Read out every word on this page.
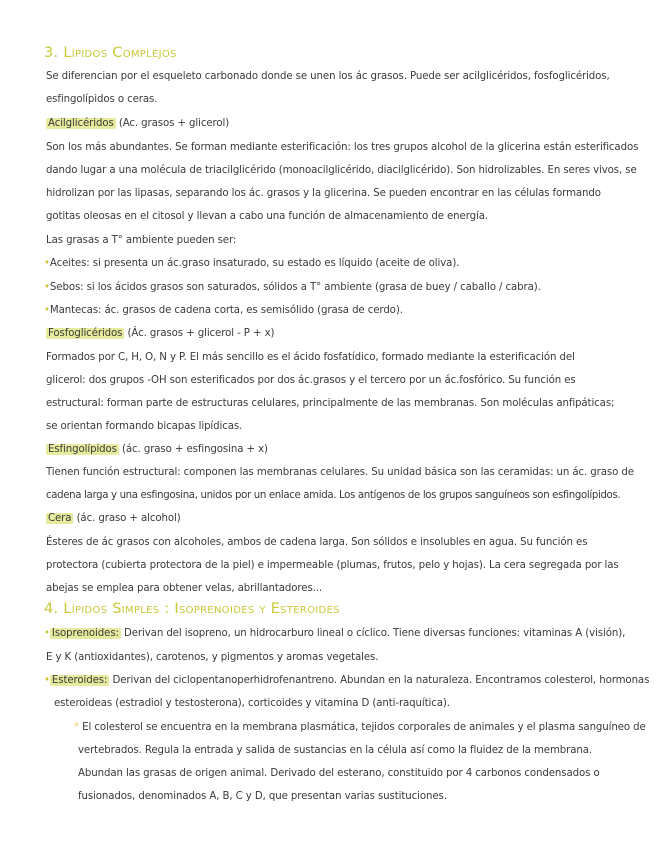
3. Lípidos Complejos
Se diferencian por el esqueleto carbonado donde se unen los ác grasos. Puede ser acilglicéridos, fosfoglicéridos,
esfingolípidos o ceras.
Acilglicéridos (Ac. grasos + glicerol)
Son los más abundantes. Se forman mediante esterificación: los tres grupos alcohol de la glicerina están esterificados
dando lugar a una molécula de triacilglicérido (monoacilglicérido, diacilglicérido). Son hidrolizables. En seres vivos, se
hidrolizan por las lipasas, separando los ác. grasos y la glicerina. Se pueden encontrar en las células formando
gotitas oleosas en el citosol y llevan a cabo una función de almacenamiento de energía.
Las grasas a T° ambiente pueden ser:
•Aceites: si presenta un ác.graso insaturado, su estado es líquido (aceite de oliva).
•Sebos: si los ácidos grasos son saturados, sólidos a T° ambiente (grasa de buey / caballo / cabra).
•Mantecas: ác. grasos de cadena corta, es semisólido (grasa de cerdo).
Fosfoglicéridos (Ác. grasos + glicerol - P + x)
Formados por C, H, O, N y P. El más sencillo es el ácido fosfatídico, formado mediante la esterificación del
glicerol: dos grupos -OH son esterificados por dos ác.grasos y el tercero por un ác.fosfórico. Su función es
estructural: forman parte de estructuras celulares, principalmente de las membranas. Son moléculas anfipáticas;
se orientan formando bicapas lipídicas.
Esfingolípidos (ác. graso + esfingosina + x)
Tienen función estructural: componen las membranas celulares. Su unidad básica son las ceramidas: un ác. graso de
cadena larga y una esfingosina, unidos por un enlace amida. Los antígenos de los grupos sanguíneos son esfingolípidos.
Cera (ác. graso + alcohol)
Ésteres de ác grasos con alcoholes, ambos de cadena larga. Son sólidos e insolubles en agua. Su función es
protectora (cubierta protectora de la piel) e impermeable (plumas, frutos, pelo y hojas). La cera segregada por las
abejas se emplea para obtener velas, abrillantadores...
4. Lípidos Simples : Isoprenoides y Esteroides
• Isoprenoides: Derivan del isopreno, un hidrocarburo lineal o cíclico. Tiene diversas funciones: vitaminas A (visión),
E y K (antioxidantes), carotenos, y pigmentos y aromas vegetales.
• Esteroides: Derivan del ciclopentanoperhidrofenantreno. Abundan en la naturaleza. Encontramos colesterol, hormonas
esteroideas (estradiol y testosterona), corticoides y vitamina D (anti-raquítica).
* El colesterol se encuentra en la membrana plasmática, tejidos corporales de animales y el plasma sanguíneo de
vertebrados. Regula la entrada y salida de sustancias en la célula así como la fluidez de la membrana.
Abundan las grasas de origen animal. Derivado del esterano, constituido por 4 carbonos condensados o
fusionados, denominados A, B, C y D, que presentan varias sustituciones.
